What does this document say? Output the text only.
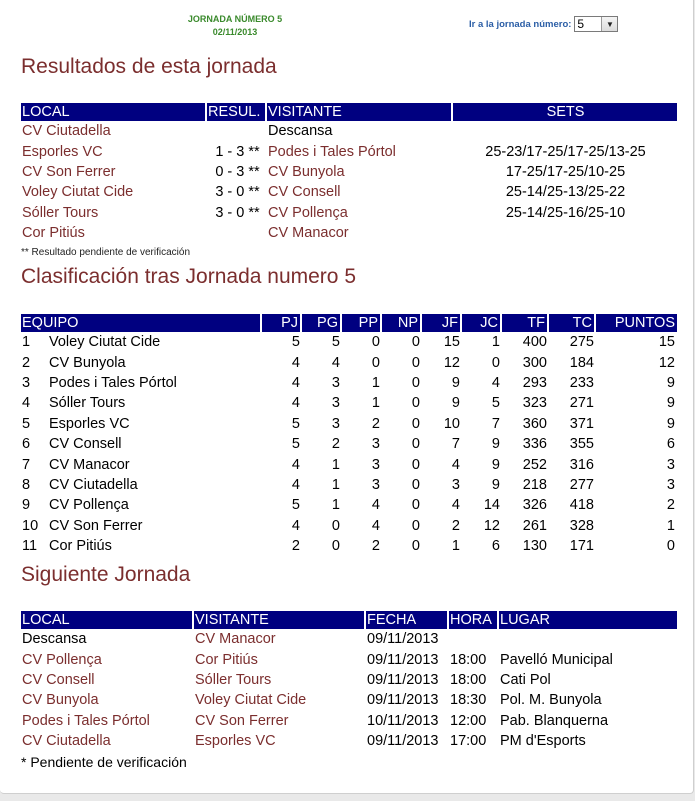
JORNADA NÚMERO 5
02/11/2013
Ir a la jornada número: 5	▼
Resultados de esta jornada
LOCAL	RESUL.	VISITANTE	SETS
CV Ciutadella		Descansa	
Esporles VC	1 - 3 **	Podes i Tales Pórtol	25-23/17-25/17-25/13-25
CV Son Ferrer	0 - 3 **	CV Bunyola	17-25/17-25/10-25
Voley Ciutat Cide	3 - 0 **	CV Consell	25-14/25-13/25-22
Sóller Tours	3 - 0 **	CV Pollença	25-14/25-16/25-10
Cor Pitiús		CV Manacor	
** Resultado pendiente de verificación
Clasificación tras Jornada numero 5
EQUIPO		PJ	PG	PP	NP	JF	JC	TF	TC	PUNTOS
1	Voley Ciutat Cide	5	5	0	0	15	1	400	275	15
2	CV Bunyola	4	4	0	0	12	0	300	184	12
3	Podes i Tales Pórtol	4	3	1	0	9	4	293	233	9
4	Sóller Tours	4	3	1	0	9	5	323	271	9
5	Esporles VC	5	3	2	0	10	7	360	371	9
6	CV Consell	5	2	3	0	7	9	336	355	6
7	CV Manacor	4	1	3	0	4	9	252	316	3
8	CV Ciutadella	4	1	3	0	3	9	218	277	3
9	CV Pollença	5	1	4	0	4	14	326	418	2
10	CV Son Ferrer	4	0	4	0	2	12	261	328	1
11	Cor Pitiús	2	0	2	0	1	6	130	171	0
Siguiente Jornada
LOCAL	VISITANTE	FECHA	HORA	LUGAR
Descansa	CV Manacor	09/11/2013		
CV Pollença	Cor Pitiús	09/11/2013	18:00	Pavelló Municipal
CV Consell	Sóller Tours	09/11/2013	18:00	Cati Pol
CV Bunyola	Voley Ciutat Cide	09/11/2013	18:30	Pol. M. Bunyola
Podes i Tales Pórtol	CV Son Ferrer	10/11/2013	12:00	Pab. Blanquerna
CV Ciutadella	Esporles VC	09/11/2013	17:00	PM d'Esports
* Pendiente de verificación
